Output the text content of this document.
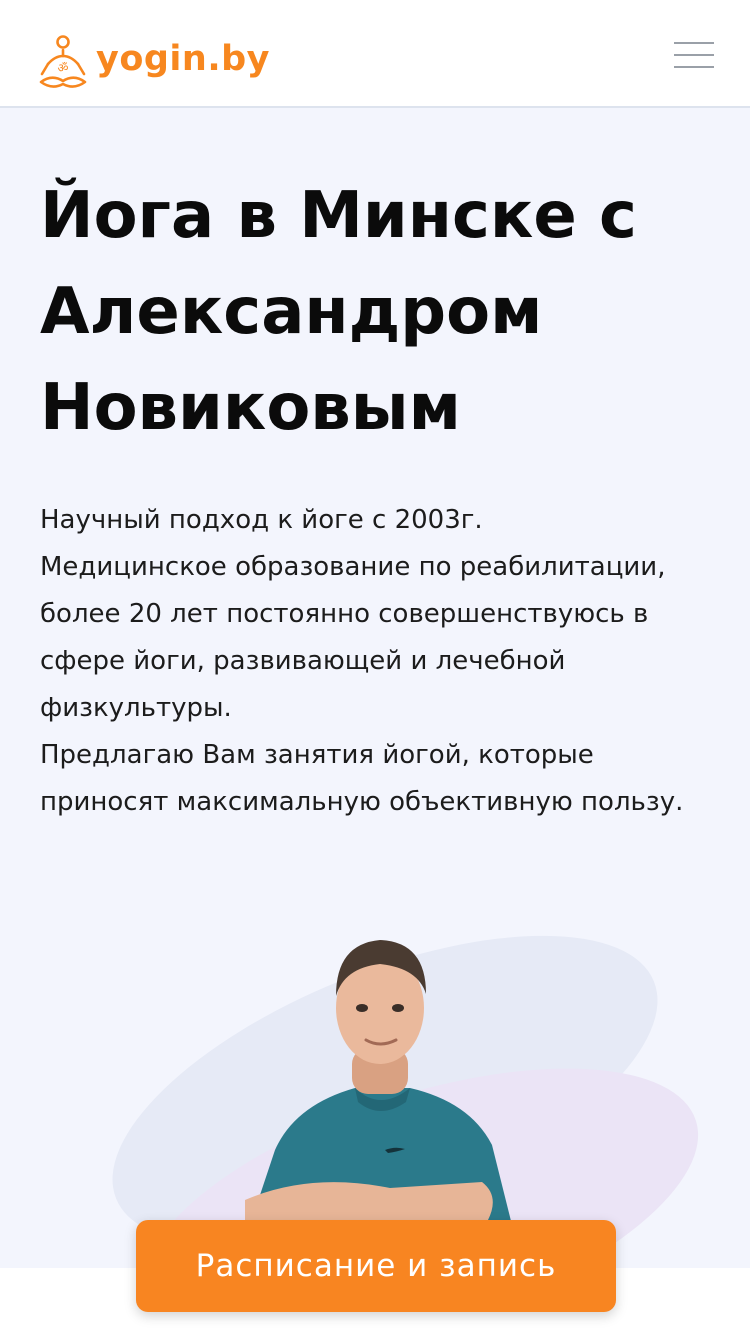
ॐ yogin.by
Йога в Минске с Александром Новиковым

Научный подход к йоге с 2003г.
Медицинское образование по реабилитации, более 20 лет постоянно совершенствуюсь в сфере йоги, развивающей и лечебной физкультуры.
Предлагаю Вам занятия йогой, которые приносят максимальную объективную пользу.

Расписание и запись
